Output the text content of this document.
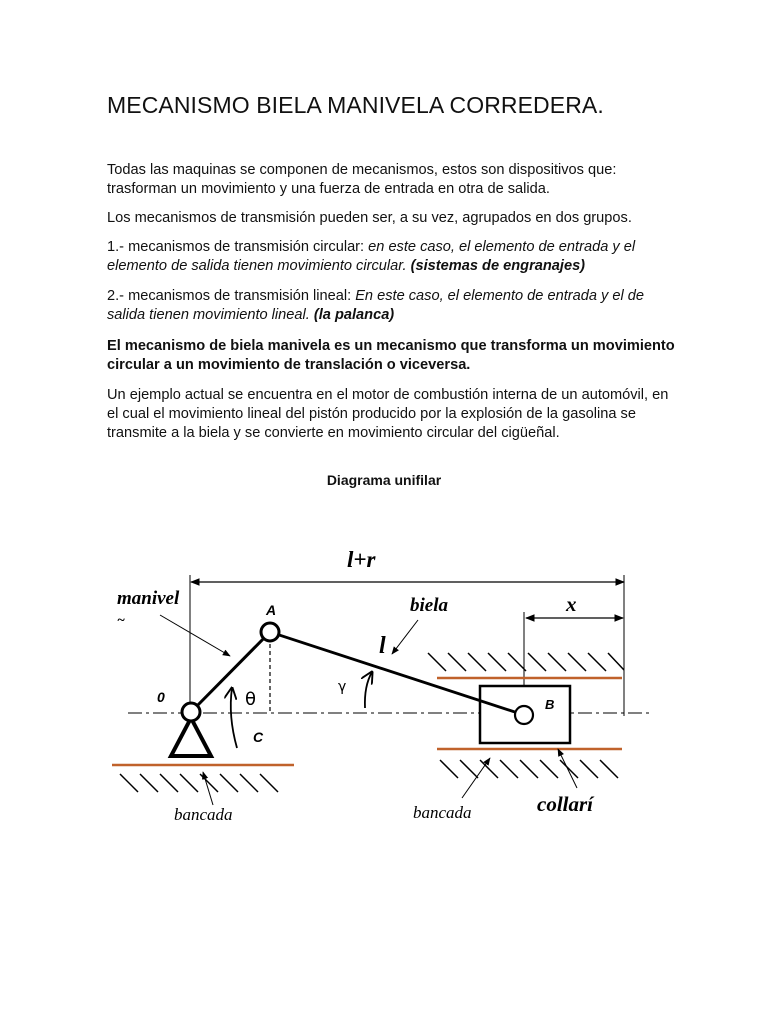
MECANISMO BIELA MANIVELA CORREDERA.

Todas las maquinas se componen de mecanismos, estos son dispositivos que: trasforman un movimiento y una fuerza de entrada en otra de salida.

Los mecanismos de transmisión pueden ser, a su vez, agrupados en dos grupos.

1.- mecanismos de transmisión circular: en este caso, el elemento de entrada y el elemento de salida tienen movimiento circular. (sistemas de engranajes)

2.- mecanismos de transmisión lineal: En este caso, el elemento de entrada y el de salida tienen movimiento lineal. (la palanca)

El mecanismo de biela manivela es un mecanismo que transforma un movimiento circular a un movimiento de translación o viceversa.

Un ejemplo actual se encuentra en el motor de combustión interna de un automóvil, en el cual el movimiento lineal del pistón producido por la explosión de la gasolina se transmite a la biela y se convierte en movimiento circular del cigüeñal.

Diagrama unifilar
l+r
x
manivel
~
biela
A
l
0	θ
γ
B
C
bancada	bancada	collarí
